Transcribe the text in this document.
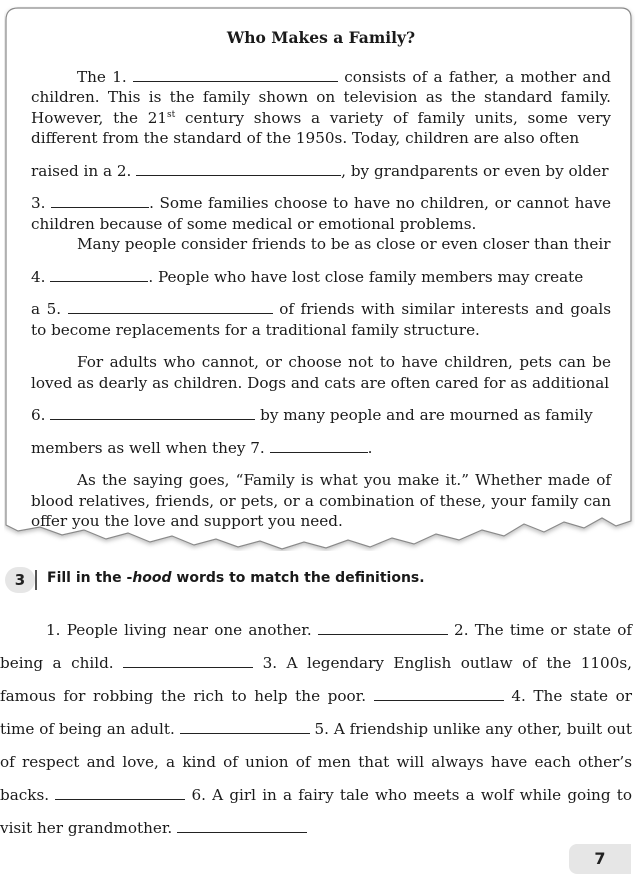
Who Makes a Family?

The 1.	consists of a father, a mother and children. This is the family shown on television as the standard family. However, the 21st century shows a variety of family units, some very different from the standard of the 1950s. Today, children are also often

raised in a 2.	, by grandparents or even by older

3.	. Some families choose to have no children, or cannot have children because of some medical or emotional problems.

Many people consider friends to be as close or even closer than their

4.	. People who have lost close family members may create

a 5.	of friends with similar interests and goals to become replacements for a traditional family structure.

For adults who cannot, or choose not to have children, pets can be loved as dearly as children. Dogs and cats are often cared for as additional

6.	by many people and are mourned as family

members as well when they 7.	.

As the saying goes, “Family is what you make it.” Whether made of blood relatives, friends, or pets, or a combination of these, your family can offer you the love and support you need.

3	Fill in the -hood words to match the definitions.
1. People living near one another.	2. The time or state of being a child.	3. A legendary English outlaw of the 1100s, famous for robbing the rich to help the poor.	4. The state or time of being an adult.	5. A friendship unlike any other, built out of respect and love, a kind of union of men that will always have each other’s backs.	6. A girl in a fairy tale who meets a wolf while going to visit her grandmother.
7
